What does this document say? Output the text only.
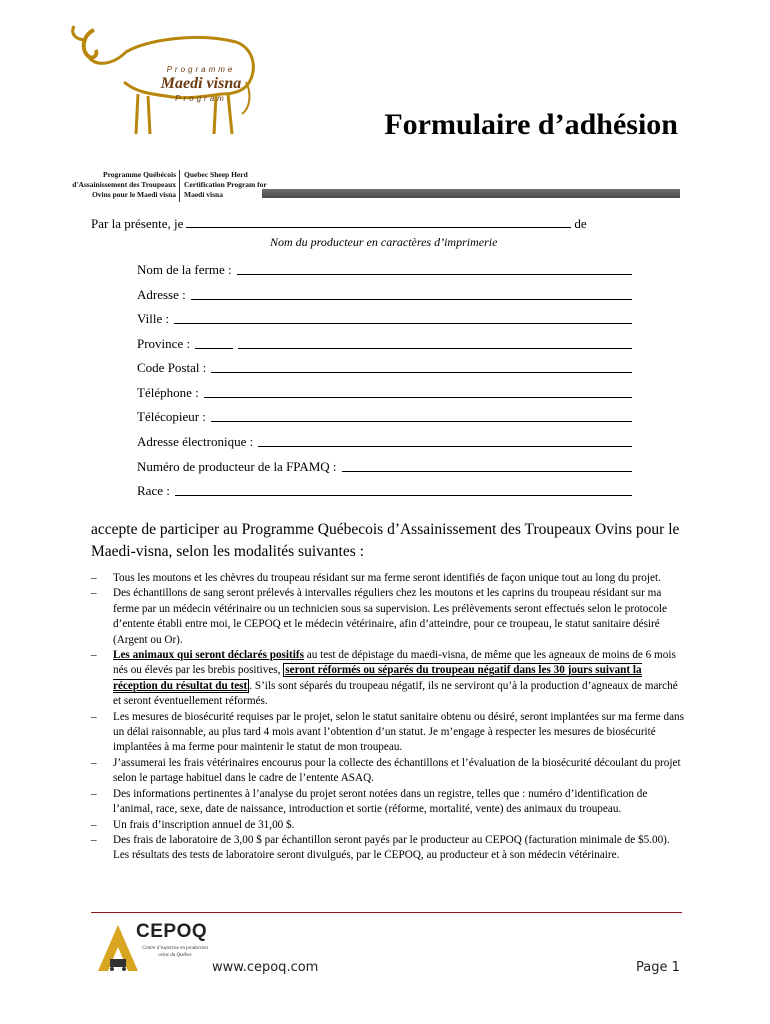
Programme
Maedi visna
Program
Programme Québécois
d'Assainissement des Troupeaux
Ovins pour le Maedi visna
Quebec Sheep Herd
Certification Program for
Maedi visna
Formulaire d’adhésion
Par la présente, je	de
Nom du producteur en caractères d’imprimerie
Nom de la ferme :
Adresse :
Ville :
Province :
Code Postal :
Téléphone :
Télécopieur :
Adresse électronique :
Numéro de producteur de la FPAMQ :
Race :
accepte de participer au Programme Québecois d’Assainissement des Troupeaux Ovins pour le Maedi-visna, selon les modalités suivantes :
– Tous les moutons et les chèvres du troupeau résidant sur ma ferme seront identifiés de façon unique tout au long du projet.
– Des échantillons de sang seront prélevés à intervalles réguliers chez les moutons et les caprins du troupeau résidant sur ma ferme par un médecin vétérinaire ou un technicien sous sa supervision. Les prélèvements seront effectués selon le protocole d’entente établi entre moi, le CEPOQ et le médecin vétérinaire, afin d’atteindre, pour ce troupeau, le statut sanitaire désiré (Argent ou Or).
– Les animaux qui seront déclarés positifs au test de dépistage du maedi-visna, de même que les agneaux de moins de 6 mois nés ou élevés par les brebis positives, seront réformés ou séparés du troupeau négatif dans les 30 jours suivant la réception du résultat du test . S’ils sont séparés du troupeau négatif, ils ne serviront qu’à la production d’agneaux de marché et seront éventuellement réformés.
– Les mesures de biosécurité requises par le projet, selon le statut sanitaire obtenu ou désiré, seront implantées sur ma ferme dans un délai raisonnable, au plus tard 4 mois avant l’obtention d’un statut. Je m’engage à respecter les mesures de biosécurité implantées à ma ferme pour maintenir le statut de mon troupeau.
– J’assumerai les frais vétérinaires encourus pour la collecte des échantillons et l’évaluation de la biosécurité découlant du projet selon le partage habituel dans le cadre de l’entente ASAQ.
– Des informations pertinentes à l’analyse du projet seront notées dans un registre, telles que : numéro d’identification de l’animal, race, sexe, date de naissance, introduction et sortie (réforme, mortalité, vente) des animaux du troupeau.
– Un frais d’inscription annuel de 31,00 $.
– Des frais de laboratoire de 3,00 $ par échantillon seront payés par le producteur au CEPOQ (facturation minimale de $5.00). Les résultats des tests de laboratoire seront divulgués, par le CEPOQ, au producteur et à son médecin vétérinaire.
CEPOQ
Centre d’expertise en production ovine du Québec
www.cepoq.com	Page 1
